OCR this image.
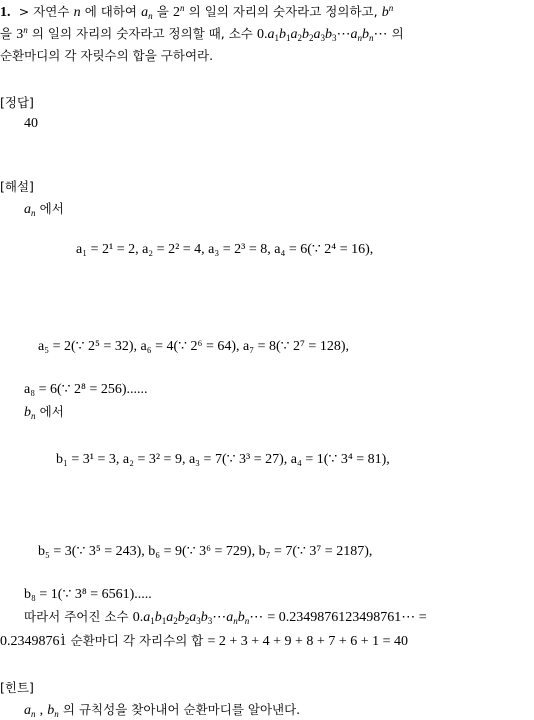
1. > 자연수 n 에 대하여 $a_n$ 을 2$^n$ 의 일의 자리의 숫자라고 정의하고, $b^n$
을 3$^n$ 의 일의 자리의 숫자라고 정의할 때, 소수 $0.a_1b_1a_2b_2a_3b_3\cdots a_nb_n\cdots$ 의
순환마디의 각 자릿수의 합을 구하여라.
[정답]
40
[해설]
$a_n$ 에서
a₁ = 2¹ = 2, a₂ = 2² = 4, a₃ = 2³ = 8, a₄ = 6(∵ 2⁴ = 16),
a₅ = 2(∵ 2⁵ = 32), a₆ = 4(∵ 2⁶ = 64), a₇ = 8(∵ 2⁷ = 128),
a₈ = 6(∵ 2⁸ = 256)......
$b_n$ 에서
b₁ = 3¹ = 3, a₂ = 3² = 9, a₃ = 7(∵ 3³ = 27), a₄ = 1(∵ 3⁴ = 81),
b₅ = 3(∵ 3⁵ = 243), b₆ = 9(∵ 3⁶ = 729), b₇ = 7(∵ 3⁷ = 2187),
b₈ = 1(∵ 3⁸ = 6561).....
따라서 주어진 소수 $0.a_1b_1a_2b_2a_3b_3\cdots a_nb_n\cdots$ = 0.2349876123498761⋯ =
0.2349876· 1 순환마디 각 자리수의 합 = 2 + 3 + 4 + 9 + 8 + 7 + 6 + 1 = 40
[힌트]
$a_n$ , $b_n$ 의 규칙성을 찾아내어 순환마디를 알아낸다.
